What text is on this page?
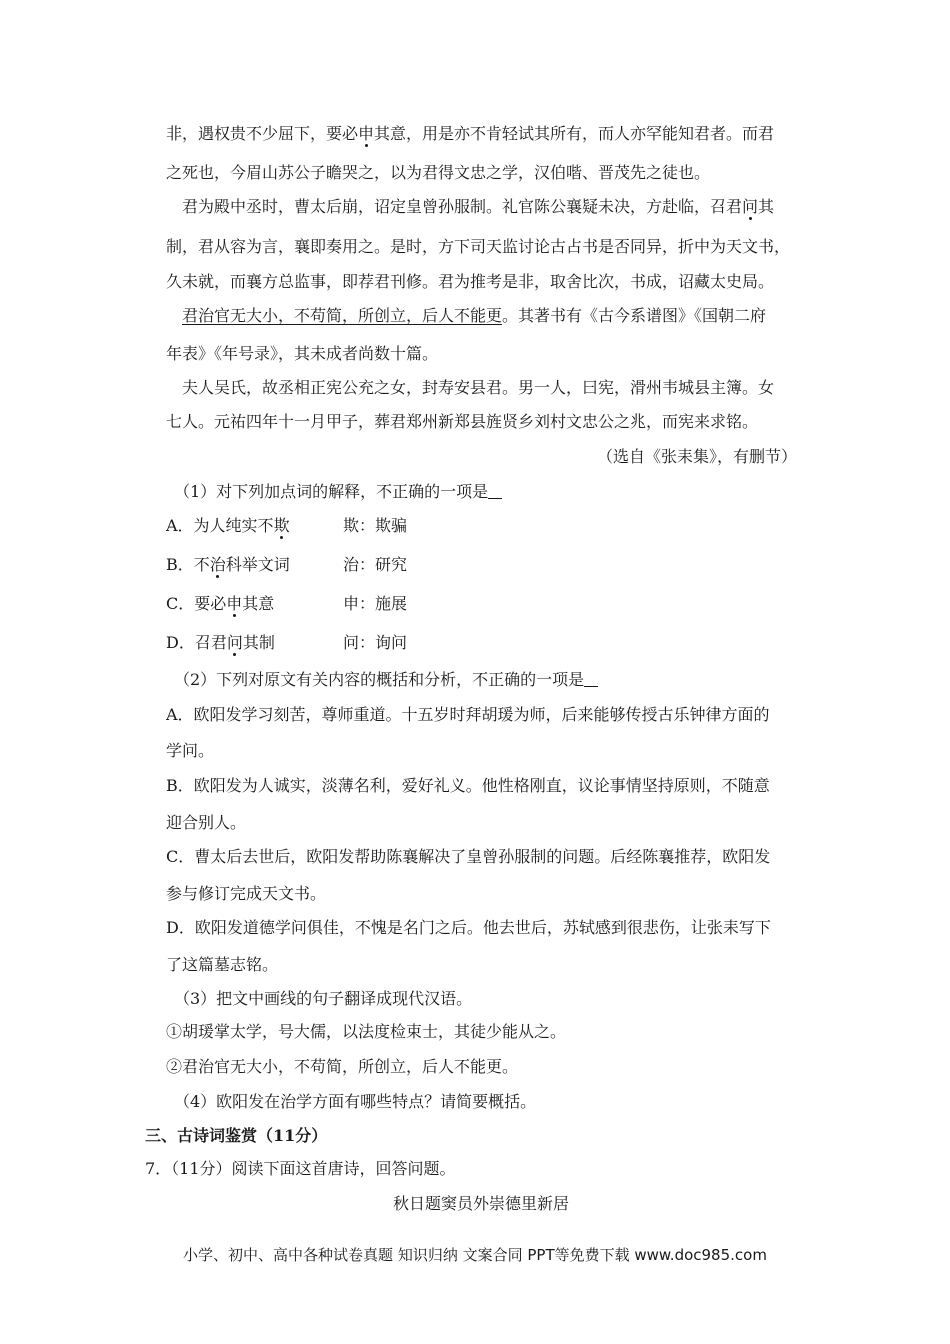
非，遇权贵不少屈下，要必申其意，用是亦不肯轻试其所有，而人亦罕能知君者。而君
之死也，今眉山苏公子瞻哭之，以为君得文忠之学，汉伯喈、晋茂先之徒也。
君为殿中丞时，曹太后崩，诏定皇曾孙服制。礼官陈公襄疑未决，方赴临，召君问其
制，君从容为言，襄即奏用之。是时，方下司天监讨论古占书是否同异，折中为天文书，
久未就，而襄方总监事，即荐君刊修。君为推考是非，取舍比次，书成，诏藏太史局。
君治官无大小，不苟简，所创立，后人不能更。其著书有《古今系谱图》《国朝二府
年表》《年号录》，其未成者尚数十篇。
夫人吴氏，故丞相正宪公充之女，封寿安县君。男一人，曰宪，滑州韦城县主簿。女
七人。元祐四年十一月甲子，葬君郑州新郑县旌贤乡刘村文忠公之兆，而宪来求铭。
（选自《张耒集》，有删节）
（1）对下列加点词的解释，不正确的一项是
A．为人纯实不欺	欺：欺骗
B．不治科举文词	治：研究
C．要必申其意	申：施展
D．召君问其制	问：询问
（2）下列对原文有关内容的概括和分析，不正确的一项是
A．欧阳发学习刻苦，尊师重道。十五岁时拜胡瑗为师，后来能够传授古乐钟律方面的
学问。
B．欧阳发为人诚实，淡薄名利，爱好礼义。他性格刚直，议论事情坚持原则，不随意
迎合别人。
C．曹太后去世后，欧阳发帮助陈襄解决了皇曾孙服制的问题。后经陈襄推荐，欧阳发
参与修订完成天文书。
D．欧阳发道德学问俱佳，不愧是名门之后。他去世后，苏轼感到很悲伤，让张耒写下
了这篇墓志铭。
（3）把文中画线的句子翻译成现代汉语。
①胡瑗掌太学，号大儒，以法度检束士，其徒少能从之。
②君治官无大小，不苟简，所创立，后人不能更。
（4）欧阳发在治学方面有哪些特点？请简要概括。
三、古诗词鉴赏（11分）
7．（11分）阅读下面这首唐诗，回答问题。
秋日题窦员外崇德里新居
小学、初中、高中各种试卷真题 知识归纳 文案合同 PPT等免费下载 www.doc985.com
